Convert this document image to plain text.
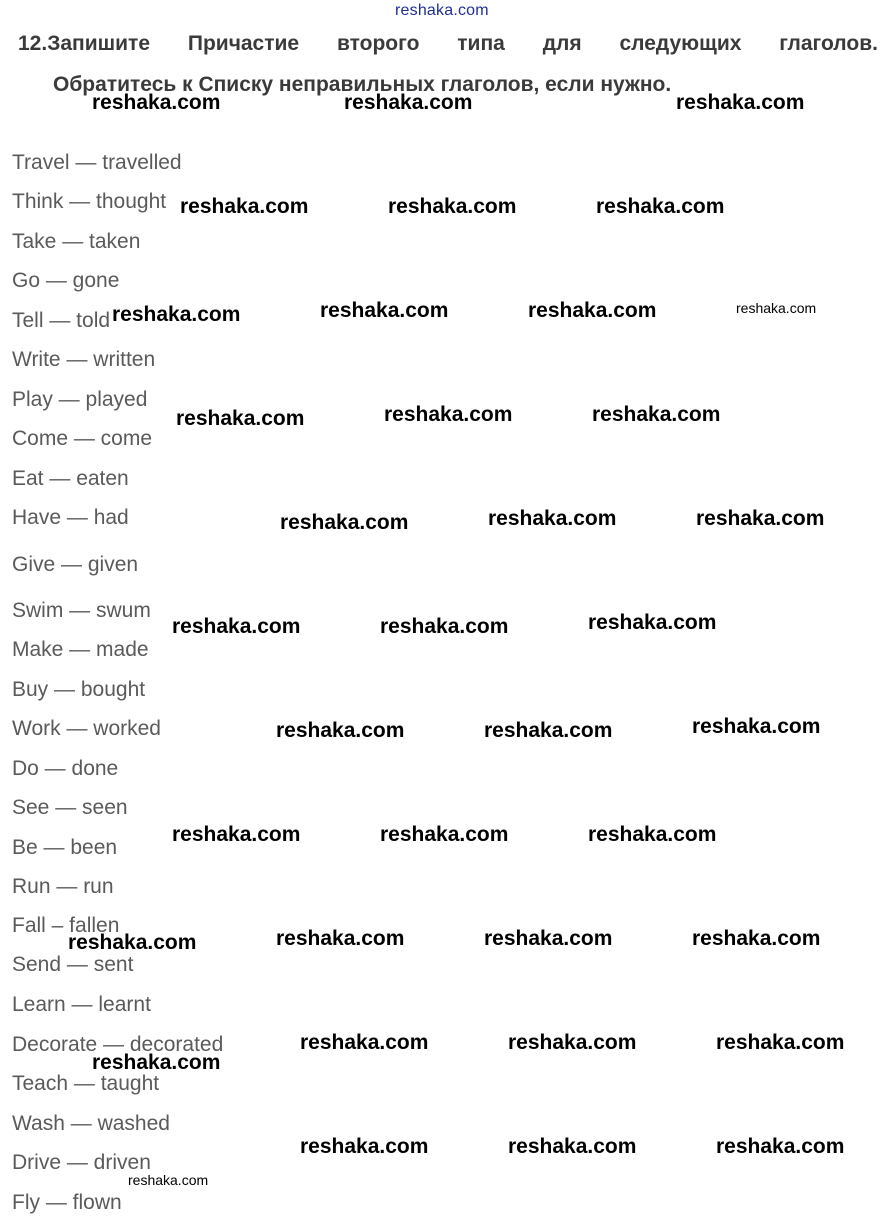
reshaka.com
12.Запишите Причастие второго типа для следующих глаголов.
Обратитесь к Списку неправильных глаголов, если нужно.
Travel — travelled
Think — thought
Take — taken
Go — gone
Tell — told
Write — written
Play — played
Come — come
Eat — eaten
Have — had
Give — given
Swim — swum
Make — made
Buy — bought
Work — worked
Do — done
See — seen
Be — been
Run — run
Fall – fallen
Send — sent
Learn — learnt
Decorate — decorated
Teach — taught
Wash — washed
Drive — driven
Fly — flown
reshaka.com	reshaka.com	reshaka.com
reshaka.com	reshaka.com	reshaka.com
reshaka.com	reshaka.com	reshaka.com	reshaka.com
reshaka.com	reshaka.com	reshaka.com
reshaka.com	reshaka.com	reshaka.com
reshaka.com	reshaka.com	reshaka.com
reshaka.com	reshaka.com	reshaka.com
reshaka.com	reshaka.com	reshaka.com
reshaka.com	reshaka.com	reshaka.com	reshaka.com
reshaka.com	reshaka.com	reshaka.com
reshaka.com
reshaka.com	reshaka.com	reshaka.com
reshaka.com
